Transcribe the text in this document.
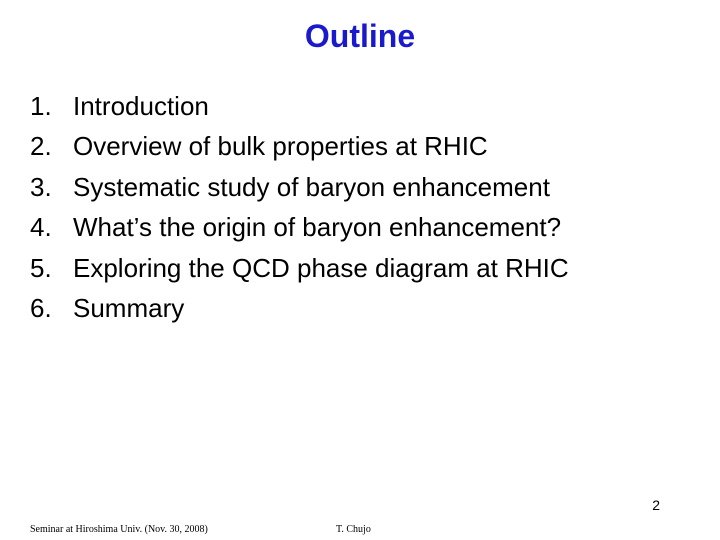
Outline
1. Introduction
2. Overview of bulk properties at RHIC
3. Systematic study of baryon enhancement
4. What’s the origin of baryon enhancement?
5. Exploring the QCD phase diagram at RHIC
6. Summary
2
Seminar at Hiroshima Univ. (Nov. 30, 2008)	T. Chujo
